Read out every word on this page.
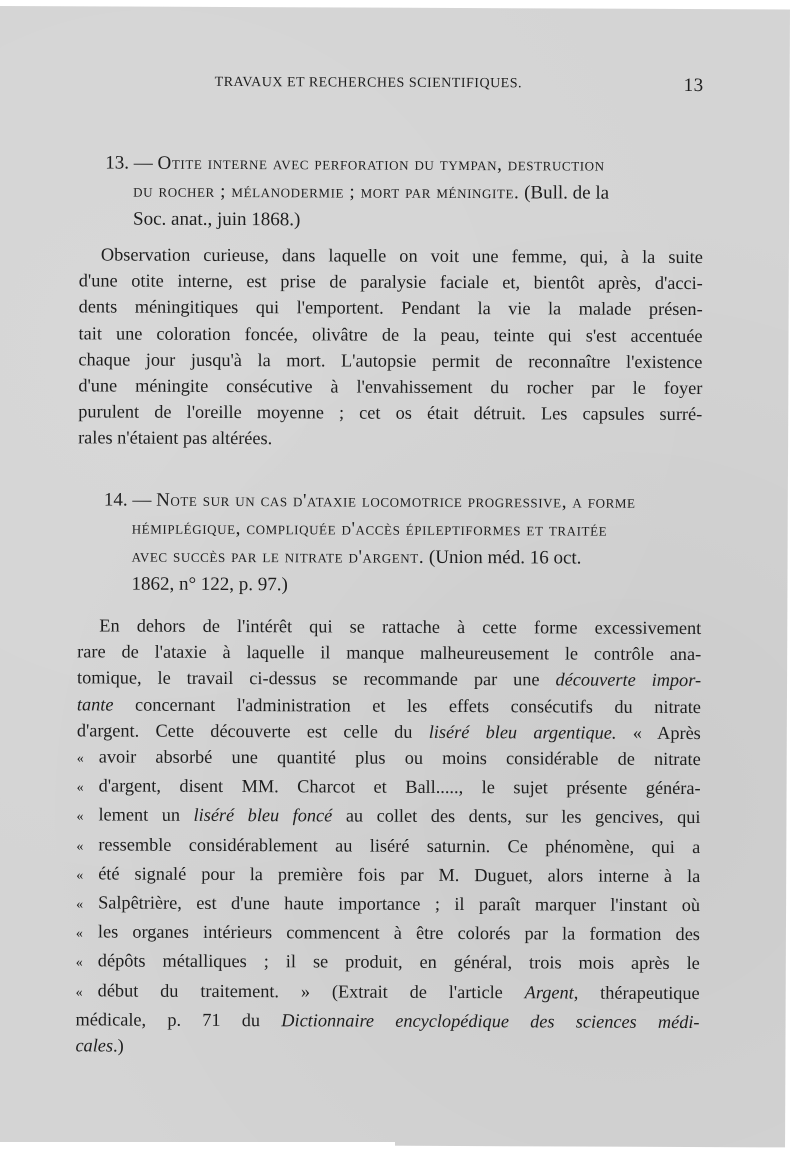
TRAVAUX ET RECHERCHES SCIENTIFIQUES.	13
13. — Otite interne avec perforation du tympan, destruction
du rocher ; mélanodermie ; mort par méningite. (Bull. de la
Soc. anat., juin 1868.)
Observation curieuse, dans laquelle on voit une femme, qui, à la suite
d'une otite interne, est prise de paralysie faciale et, bientôt après, d'acci-
dents méningitiques qui l'emportent. Pendant la vie la malade présen-
tait une coloration foncée, olivâtre de la peau, teinte qui s'est accentuée
chaque jour jusqu'à la mort. L'autopsie permit de reconnaître l'existence
d'une méningite consécutive à l'envahissement du rocher par le foyer
purulent de l'oreille moyenne ; cet os était détruit. Les capsules surré-
rales n'étaient pas altérées.
14. — Note sur un cas d'ataxie locomotrice progressive, a forme
hémiplégique, compliquée d'accès épileptiformes et traitée
avec succès par le nitrate d'argent. (Union méd. 16 oct.
1862, n° 122, p. 97.)
En dehors de l'intérêt qui se rattache à cette forme excessivement
rare de l'ataxie à laquelle il manque malheureusement le contrôle ana-
tomique, le travail ci-dessus se recommande par une découverte impor-
tante concernant l'administration et les effets consécutifs du nitrate
d'argent. Cette découverte est celle du liséré bleu argentique. « Après
« avoir absorbé une quantité plus ou moins considérable de nitrate
« d'argent, disent MM. Charcot et Ball....., le sujet présente généra-
« lement un liséré bleu foncé au collet des dents, sur les gencives, qui
« ressemble considérablement au liséré saturnin. Ce phénomène, qui a
« été signalé pour la première fois par M. Duguet, alors interne à la
« Salpêtrière, est d'une haute importance ; il paraît marquer l'instant où
« les organes intérieurs commencent à être colorés par la formation des
« dépôts métalliques ; il se produit, en général, trois mois après le
« début du traitement. » (Extrait de l'article Argent, thérapeutique
médicale, p. 71 du Dictionnaire encyclopédique des sciences médi-
cales.)
